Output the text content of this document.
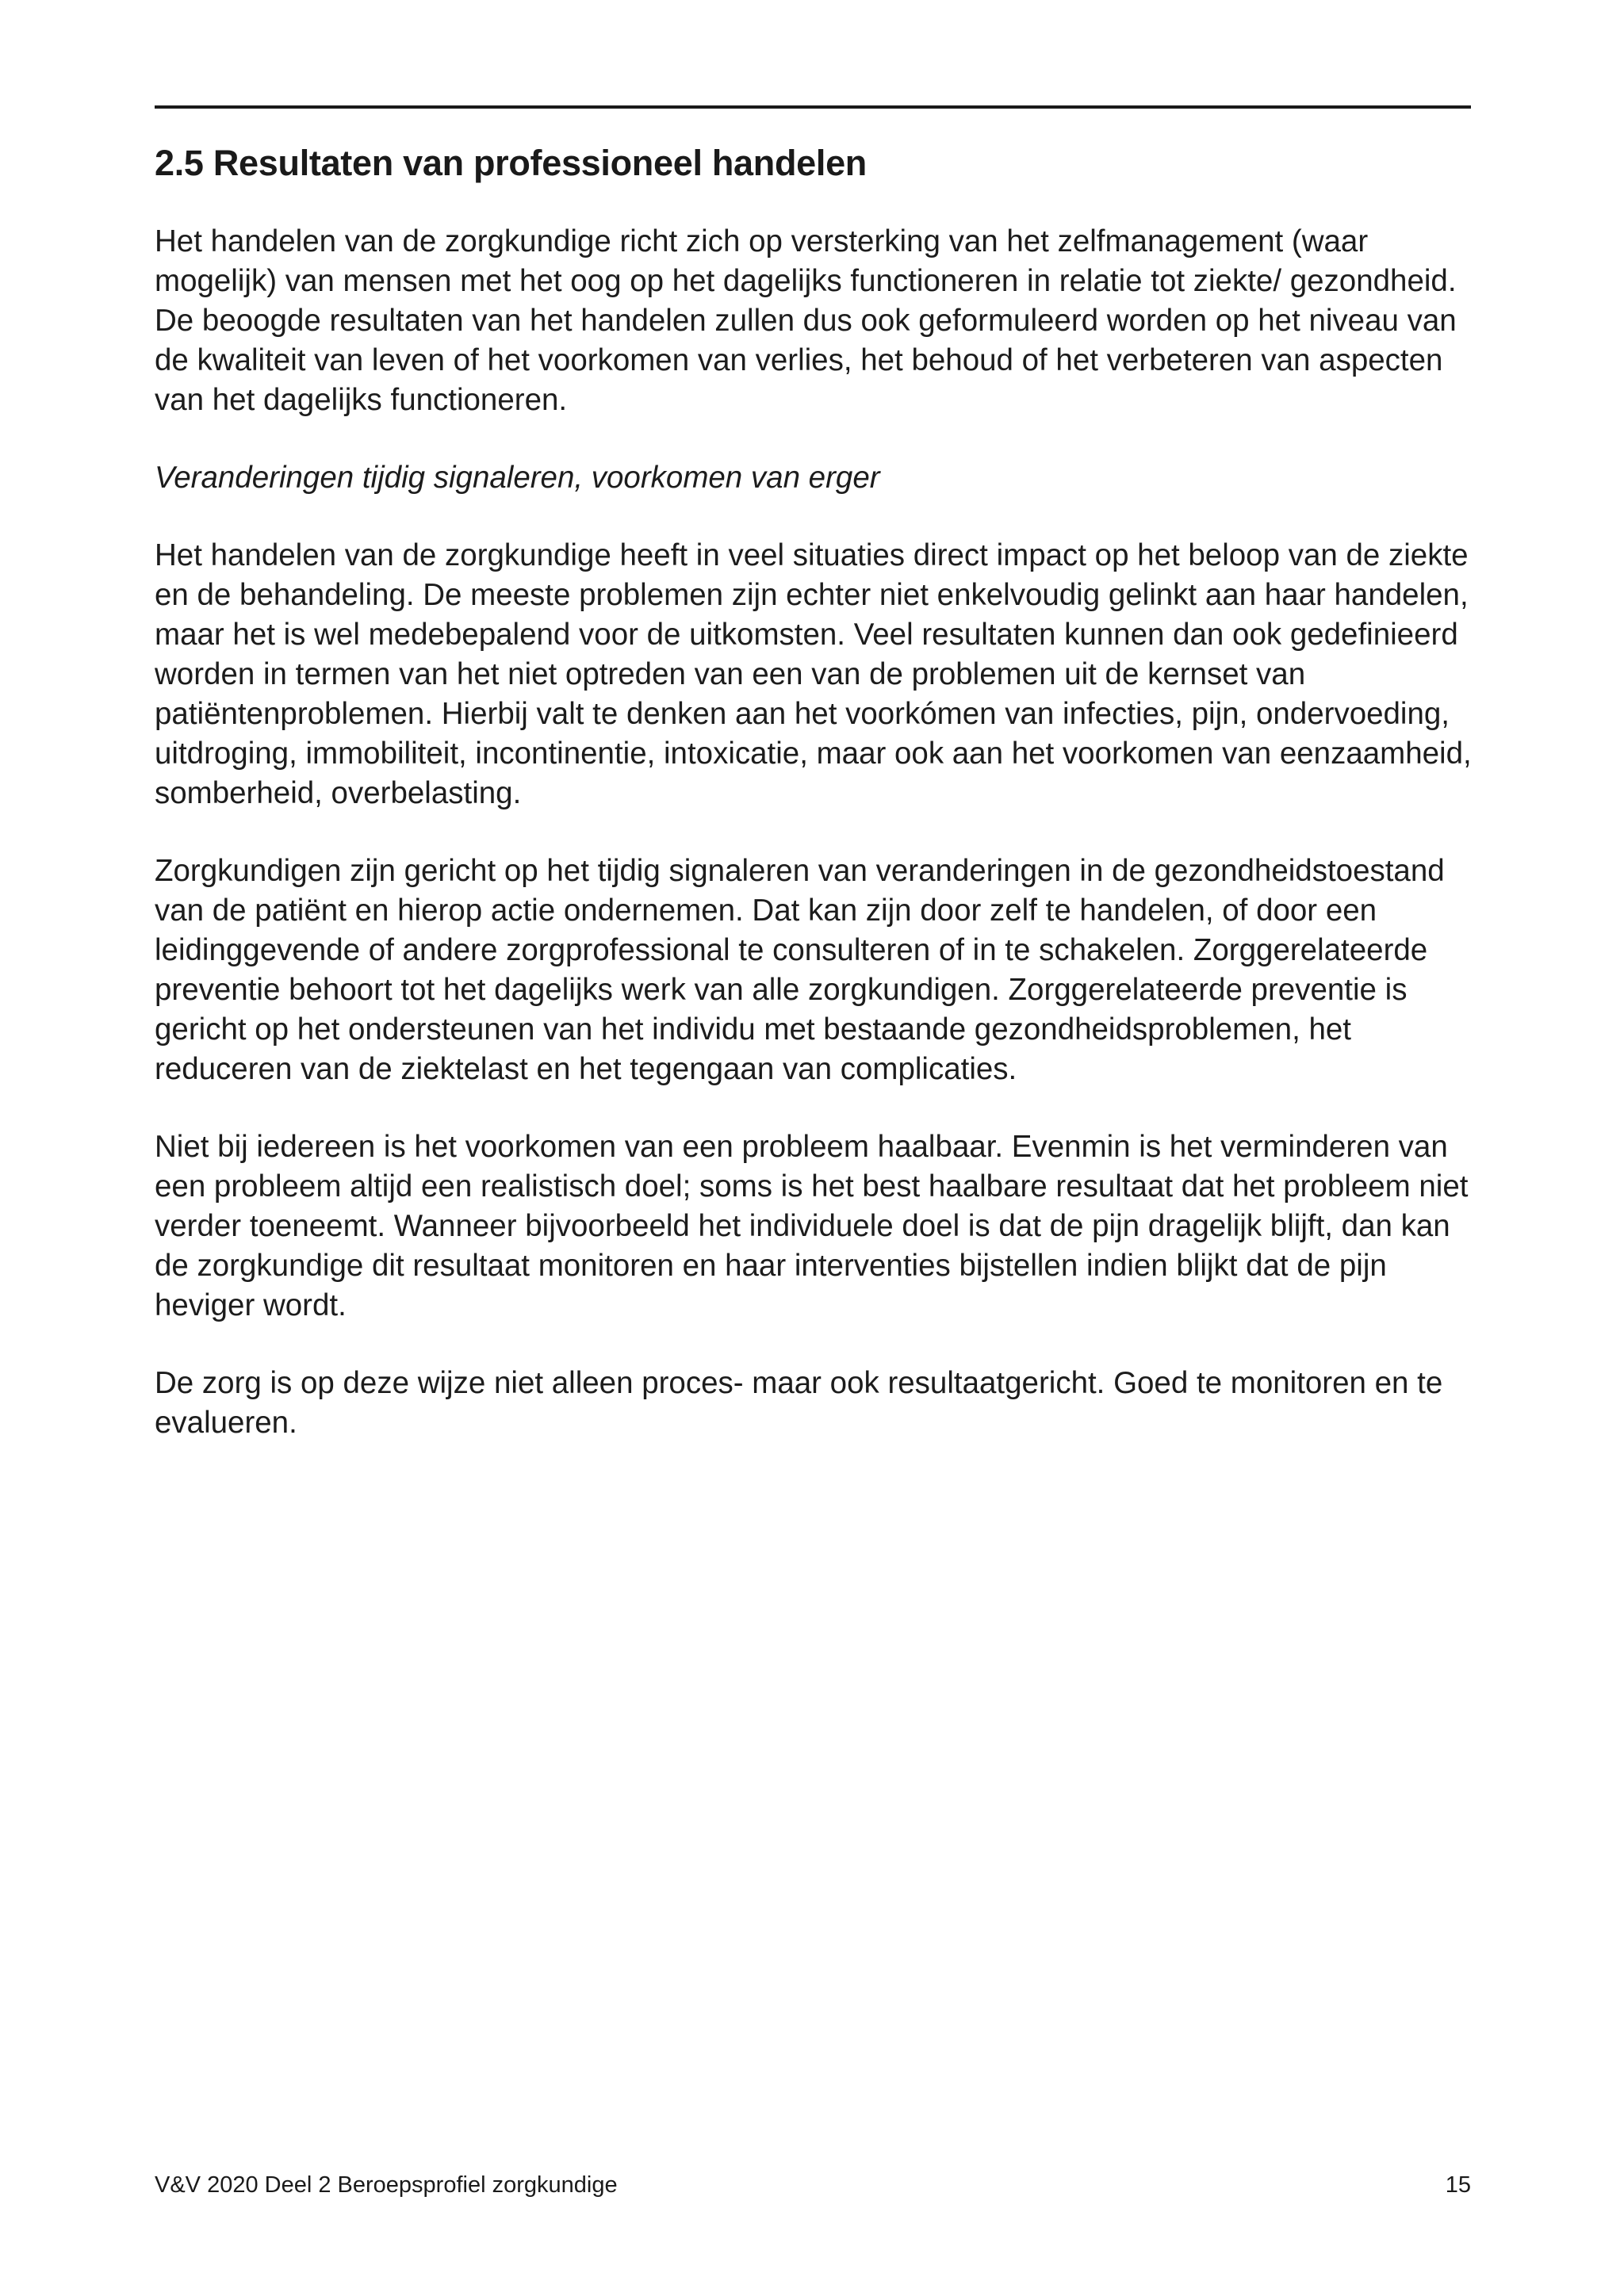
2.5 Resultaten van professioneel handelen

Het handelen van de zorgkundige richt zich op versterking van het zelfmanagement (waar mogelijk) van mensen met het oog op het dagelijks functioneren in relatie tot ziekte/ gezondheid. De beoogde resultaten van het handelen zullen dus ook geformuleerd worden op het niveau van de kwaliteit van leven of het voorkomen van verlies, het behoud of het verbeteren van aspecten van het dagelijks functioneren.

Veranderingen tijdig signaleren, voorkomen van erger

Het handelen van de zorgkundige heeft in veel situaties direct impact op het beloop van de ziekte en de behandeling. De meeste problemen zijn echter niet enkelvoudig gelinkt aan haar handelen, maar het is wel medebepalend voor de uitkomsten. Veel resultaten kunnen dan ook gedefinieerd worden in termen van het niet optreden van een van de problemen uit de kernset van patiëntenproblemen. Hierbij valt te denken aan het voorkómen van infecties, pijn, ondervoeding, uitdroging, immobiliteit, incontinentie, intoxicatie, maar ook aan het voorkomen van eenzaamheid, somberheid, overbelasting.

Zorgkundigen zijn gericht op het tijdig signaleren van veranderingen in de gezondheidstoestand van de patiënt en hierop actie ondernemen. Dat kan zijn door zelf te handelen, of door een leidinggevende of andere zorgprofessional te consulteren of in te schakelen. Zorggerelateerde preventie behoort tot het dagelijks werk van alle zorgkundigen. Zorggerelateerde preventie is gericht op het ondersteunen van het individu met bestaande gezondheidsproblemen, het reduceren van de ziektelast en het tegengaan van complicaties.

Niet bij iedereen is het voorkomen van een probleem haalbaar. Evenmin is het verminderen van een probleem altijd een realistisch doel; soms is het best haalbare resultaat dat het probleem niet verder toeneemt. Wanneer bijvoorbeeld het individuele doel is dat de pijn dragelijk blijft, dan kan de zorgkundige dit resultaat monitoren en haar interventies bijstellen indien blijkt dat de pijn heviger wordt.

De zorg is op deze wijze niet alleen proces- maar ook resultaatgericht. Goed te monitoren en te evalueren.

V&V 2020 Deel 2 Beroepsprofiel zorgkundige	15
